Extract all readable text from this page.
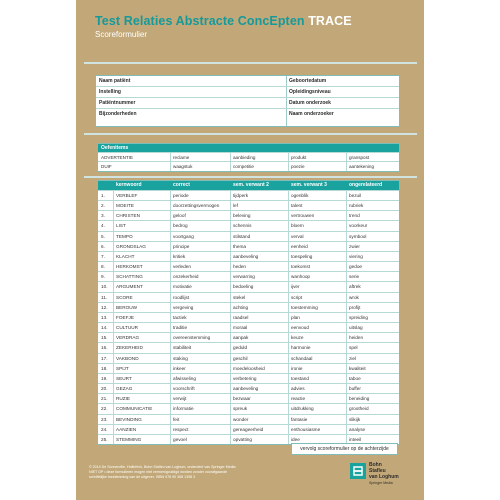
Test Relaties Abstracte ConcEpten TRACE
Scoreformulier
Naam patiënt	Geboortedatum
Instelling	Opleidingsniveau
Patiëntnummer	Datum onderzoek
Bijzonderheden	Naam onderzoeker
Oefenitems
ADVERTENTIE	reclame	aanbieding	produkt	granspost
DUIF	waagstuk	competitie	poezie	aantekening
kernwoord	correct	sem. verwant 2	sem. verwant 3	ongerelateerd
1. VERBLEF	periode	tijdperk	ogenblik	bezuil
2. MOEITE	doorzettingsvermogen	lef	talent	rubriek
3. CHRISTEN	geloof	beleving	vertrouwen	trend
4. LIST	bedrog	schennis	bloem	voorkeur
5. TEMPO	voortgang	stilstand	verval	symbool
6. GRONDSLAG	principe	thema	eenheid	zwier
7. KLACHT	kritiek	aanbeveling	toespeling	viering
8. HERKOMST	verleden	heden	toekomst	gedoe
9. SCHATTING	onzekerheid	verwarring	wanhoop	serie
10. ARGUMENT	motivatie	bedoeling	ijver	aftrek
11. SCORE	roodlijst	stekel	script	wrok
12. BEROUW	vergeving	achting	toestemming	profijt
13. FOEFJE	tactiek	raadsel	plan	spreiding
14. CULTUUR	traditie	moraal	eenvoud	uitslag
15. VERDRAG	overeenstemming	aanpak	keuze	heiden
16. ZEKERHEID	stabiliteit	geduld	harmonie	spel
17. VAKBOND	staking	geschil	schandaal	ziel
18. SPIJT	inkeer	moedeloosheid	ironie	kwaliteit
19. SEURT	afwisseling	verbetering	toestand	taboe
20. GEZAG	voorschrift	aanbeveling	advies	buffer
21. RUZIE	verwijt	bezwaar	reactie	beneiding
22. COMMUNICATIE	informatie	spreuk	uitdrukking	grootheid
23. BEVINDING	feit	wonder	fantasie	slikijk
24. AANZIEN	respect	gereageerheid	enthousiasme	analyse
25. STEMMING	gevoel	opvatting	idee	inteeil
vervolg scoreformulier op de achterzijde
© 2014 De Sonnerville, Holtkfrink, Bohn Stafleu van Loghum, onderdeel van Springer Media
NIET OP • deze formulieren mogen niet vermenigvuldigd worden zonder voorafgaande
schriftelijke toestemming van de uitgever. ISBN 978 90 368 1398 3
Bohn
Stafleu
van Loghum
Springer Media
